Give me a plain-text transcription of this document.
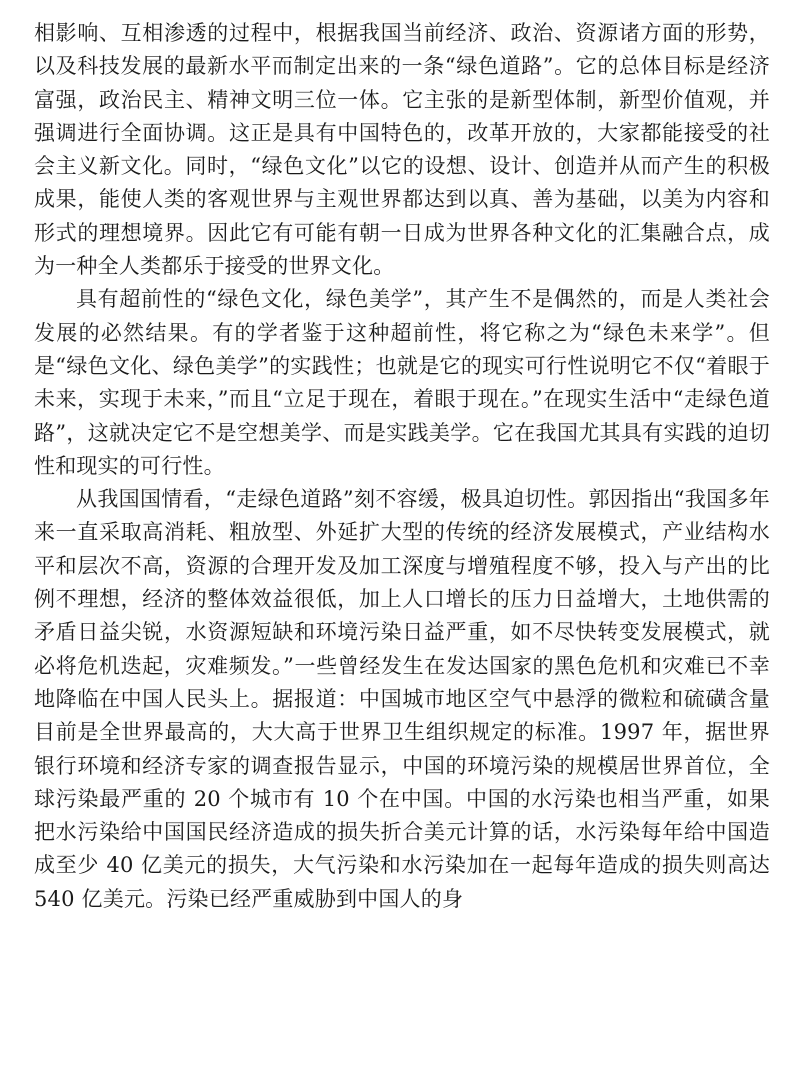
相影响、互相渗透的过程中，根据我国当前经济、政治、资源诸方面的形势，以及科技发展的最新水平而制定出来的一条“绿色道路”。它的总体目标是经济富强，政治民主、精神文明三位一体。它主张的是新型体制，新型价值观，并强调进行全面协调。这正是具有中国特色的，改革开放的，大家都能接受的社会主义新文化。同时，“绿色文化”以它的设想、设计、创造并从而产生的积极成果，能使人类的客观世界与主观世界都达到以真、善为基础，以美为内容和形式的理想境界。因此它有可能有朝一日成为世界各种文化的汇集融合点，成为一种全人类都乐于接受的世界文化。

具有超前性的“绿色文化，绿色美学”，其产生不是偶然的，而是人类社会发展的必然结果。有的学者鉴于这种超前性，将它称之为“绿色未来学”。但是“绿色文化、绿色美学”的实践性；也就是它的现实可行性说明它不仅“着眼于未来，实现于未来，”而且“立足于现在，着眼于现在。”在现实生活中“走绿色道路”，这就决定它不是空想美学、而是实践美学。它在我国尤其具有实践的迫切性和现实的可行性。

从我国国情看，“走绿色道路”刻不容缓，极具迫切性。郭因指出“我国多年来一直采取高消耗、粗放型、外延扩大型的传统的经济发展模式，产业结构水平和层次不高，资源的合理开发及加工深度与增殖程度不够，投入与产出的比例不理想，经济的整体效益很低，加上人口增长的压力日益增大，土地供需的矛盾日益尖锐，水资源短缺和环境污染日益严重，如不尽快转变发展模式，就必将危机迭起，灾难频发。”一些曾经发生在发达国家的黑色危机和灾难已不幸地降临在中国人民头上。据报道：中国城市地区空气中悬浮的微粒和硫磺含量目前是全世界最高的，大大高于世界卫生组织规定的标准。1997 年，据世界银行环境和经济专家的调查报告显示，中国的环境污染的规模居世界首位，全球污染最严重的 20 个城市有 10 个在中国。中国的水污染也相当严重，如果把水污染给中国国民经济造成的损失折合美元计算的话，水污染每年给中国造成至少 40 亿美元的损失，大气污染和水污染加在一起每年造成的损失则高达 540 亿美元。污染已经严重威胁到中国人的身
